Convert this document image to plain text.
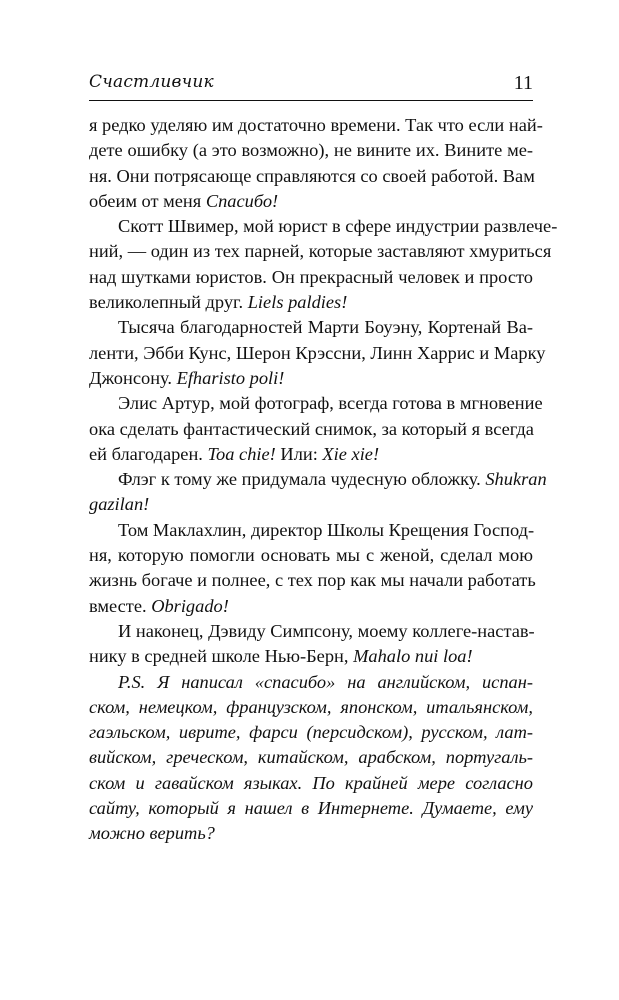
Счастливчик	11
я редко уделяю им достаточно времени. Так что если най-
дете ошибку (а это возможно), не вините их. Вините ме-
ня. Они потрясающе справляются со своей работой. Вам
обеим от меня Спасибо!
Скотт Швимер, мой юрист в сфере индустрии развлече-
ний, — один из тех парней, которые заставляют хмуриться
над шутками юристов. Он прекрасный человек и просто
великолепный друг. Liels paldies!
Тысяча благодарностей Марти Боуэну, Кортенай Ва-
ленти, Эбби Кунс, Шерон Крэссни, Линн Харрис и Марку
Джонсону. Efharisto poli!
Элис Артур, мой фотограф, всегда готова в мгновение
ока сделать фантастический снимок, за который я всегда
ей благодарен. Toa chie! Или: Xie xie!
Флэг к тому же придумала чудесную обложку. Shukran
gazilan!
Том Маклахлин, директор Школы Крещения Господ-
ня, которую помогли основать мы с женой, сделал мою
жизнь богаче и полнее, с тех пор как мы начали работать
вместе. Obrigado!
И наконец, Дэвиду Симпсону, моему коллеге-настав-
нику в средней школе Нью-Берн, Mahalo nui loa!
P.S. Я написал «спасибо» на английском, испан-
ском, немецком, французском, японском, итальянском,
гаэльском, иврите, фарси (персидском), русском, лат-
вийском, греческом, китайском, арабском, португаль-
ском и гавайском языках. По крайней мере согласно
сайту, который я нашел в Интернете. Думаете, ему
можно верить?
